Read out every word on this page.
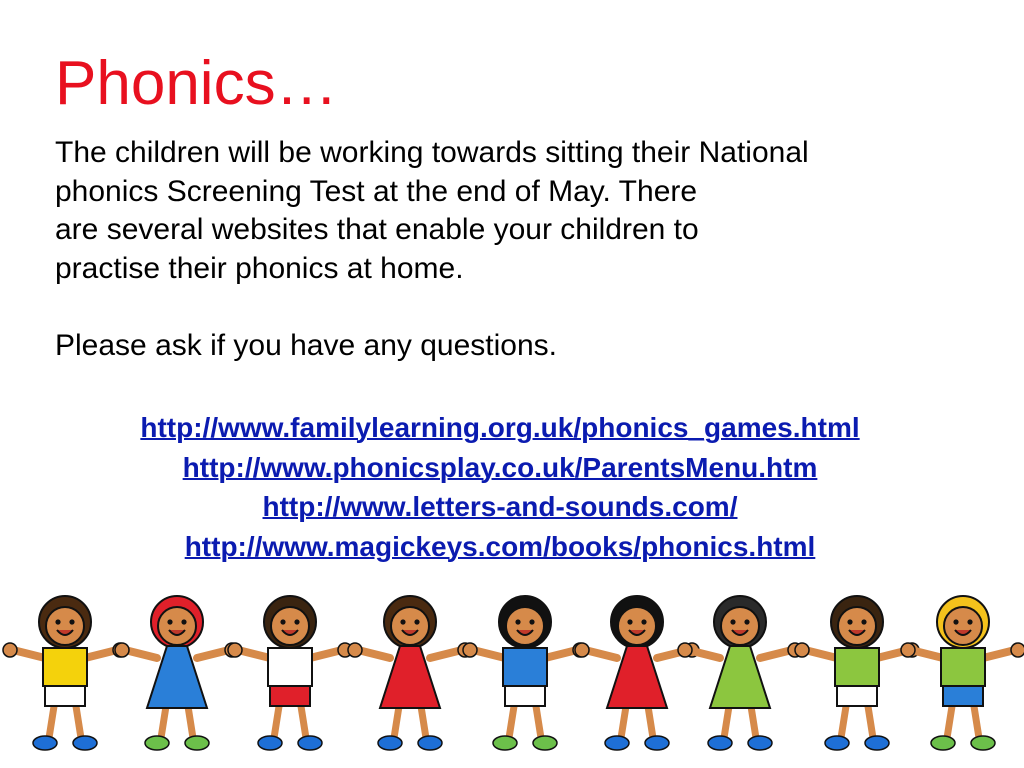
Phonics…
The children will be working towards sitting their National
phonics Screening Test at the end of May. There
are several websites that enable your children to
practise their phonics at home.
Please ask if you have any questions.
http://www.familylearning.org.uk/phonics_games.html
http://www.phonicsplay.co.uk/ParentsMenu.htm
http://www.letters-and-sounds.com/
http://www.magickeys.com/books/phonics.html
